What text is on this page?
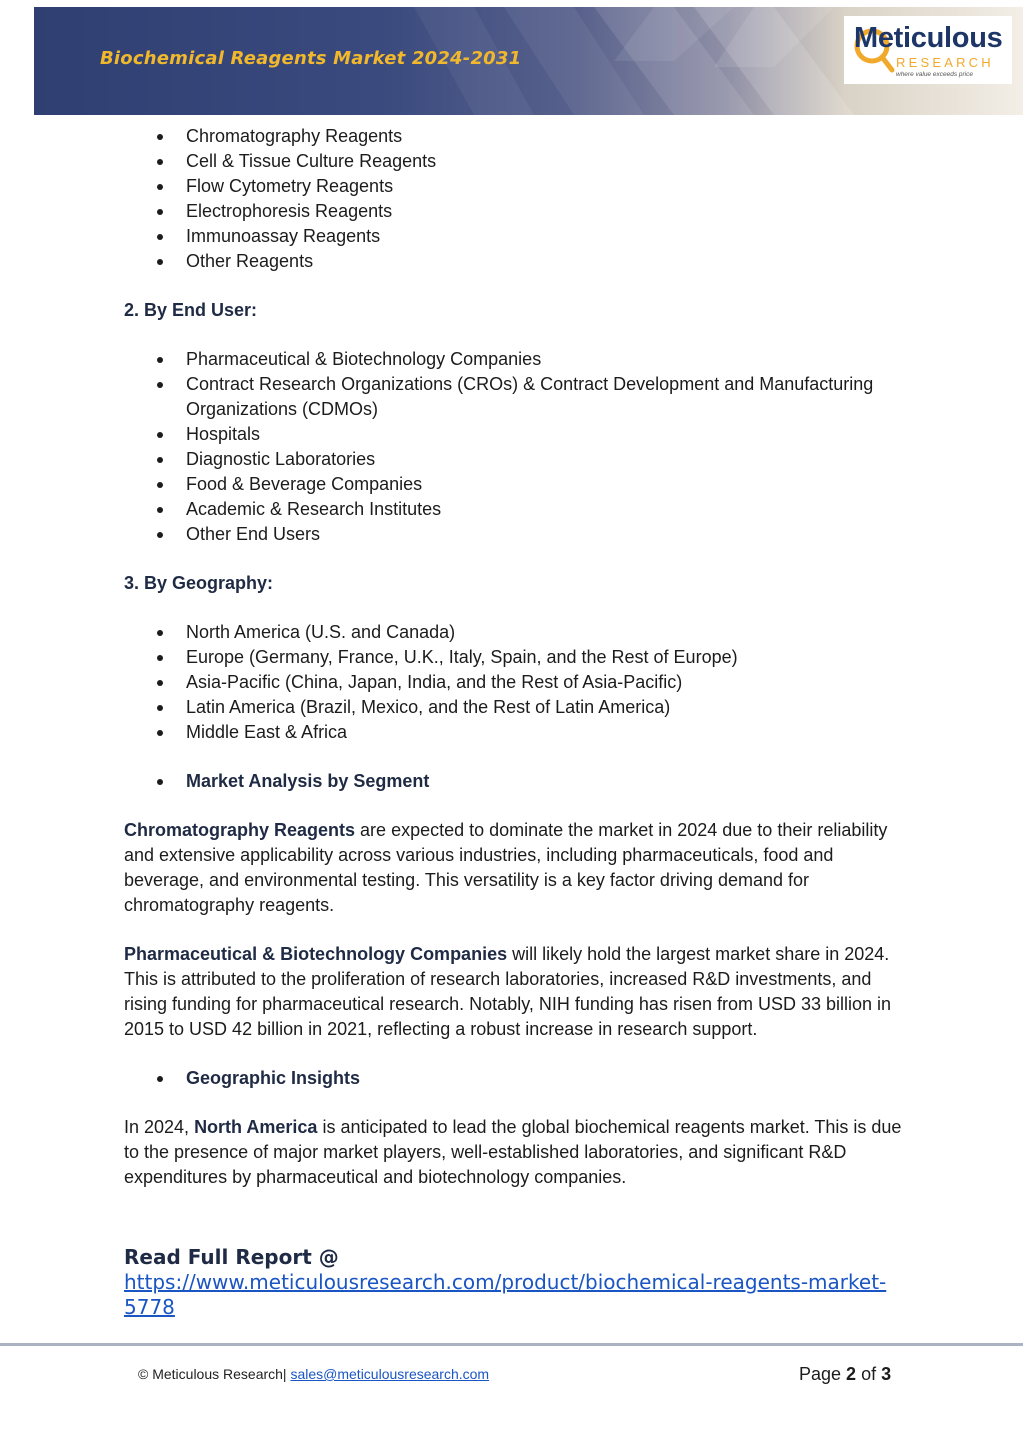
Biochemical Reagents Market 2024-2031
Meticulous
RESEARCH
where value exceeds price
Chromatography Reagents
Cell & Tissue Culture Reagents
Flow Cytometry Reagents
Electrophoresis Reagents
Immunoassay Reagents
Other Reagents

2. By End User:

Pharmaceutical & Biotechnology Companies
Contract Research Organizations (CROs) & Contract Development and Manufacturing Organizations (CDMOs)
Hospitals
Diagnostic Laboratories
Food & Beverage Companies
Academic & Research Institutes
Other End Users

3. By Geography:

North America (U.S. and Canada)
Europe (Germany, France, U.K., Italy, Spain, and the Rest of Europe)
Asia-Pacific (China, Japan, India, and the Rest of Asia-Pacific)
Latin America (Brazil, Mexico, and the Rest of Latin America)
Middle East & Africa
Market Analysis by Segment

Chromatography Reagents are expected to dominate the market in 2024 due to their reliability and extensive applicability across various industries, including pharmaceuticals, food and beverage, and environmental testing. This versatility is a key factor driving demand for chromatography reagents.

Pharmaceutical & Biotechnology Companies will likely hold the largest market share in 2024. This is attributed to the proliferation of research laboratories, increased R&D investments, and rising funding for pharmaceutical research. Notably, NIH funding has risen from USD 33 billion in 2015 to USD 42 billion in 2021, reflecting a robust increase in research support.

Geographic Insights

In 2024, North America is anticipated to lead the global biochemical reagents market. This is due to the presence of major market players, well-established laboratories, and significant R&D expenditures by pharmaceutical and biotechnology companies.

Read Full Report @
https://www.meticulousresearch.com/product/biochemical-reagents-market-5778
© Meticulous Research| sales@meticulousresearch.com	Page 2 of 3
